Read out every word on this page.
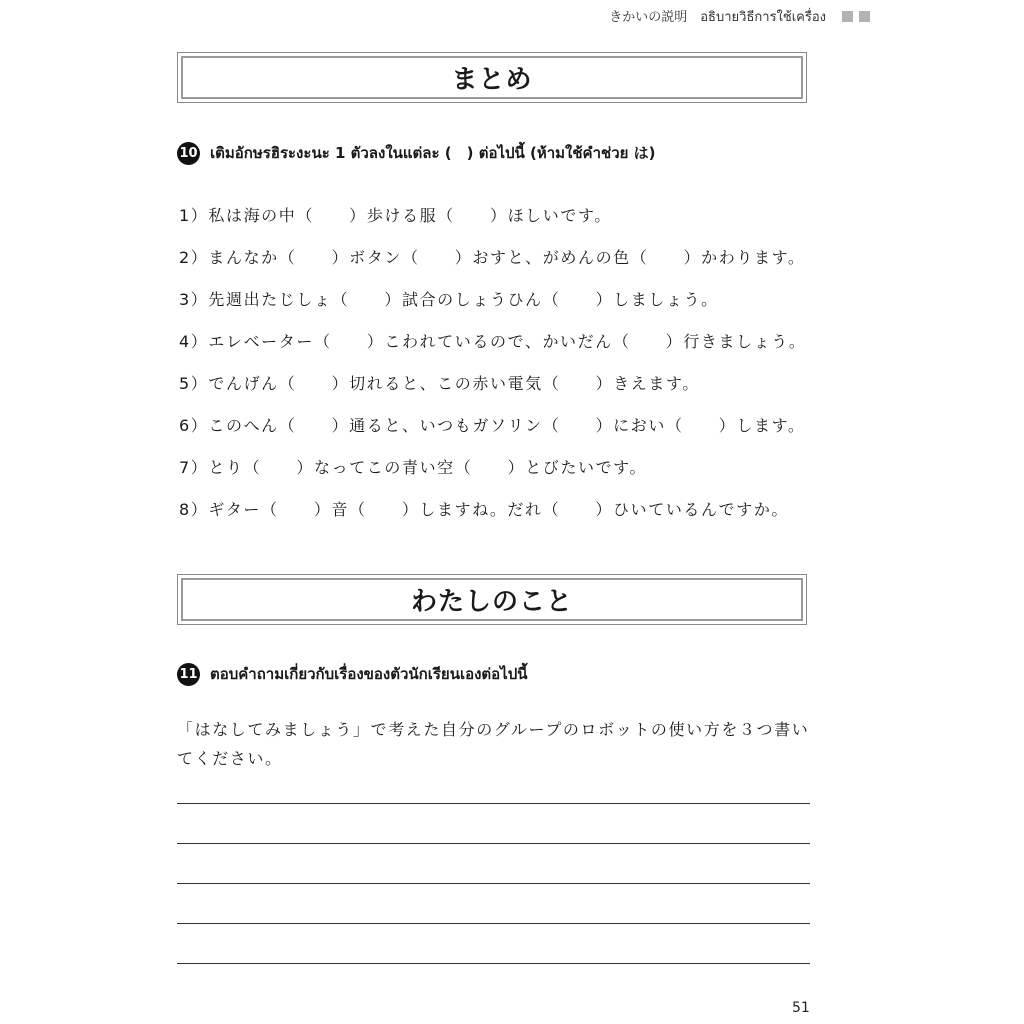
きかいの説明　อธิบายวิธีการใช้เครื่อง
まとめ
10 เติมอักษรฮิระงะนะ 1 ตัวลงในแต่ละ (　) ต่อไปนี้ (ห้ามใช้คำช่วย は)
1）私は海の中（　　）歩ける服（　　）ほしいです。
2）まんなか（　　）ボタン（　　）おすと、がめんの色（　　）かわります。
3）先週出たじしょ（　　）試合のしょうひん（　　）しましょう。
4）エレベーター（　　）こわれているので、かいだん（　　）行きましょう。
5）でんげん（　　）切れると、この赤い電気（　　）きえます。
6）このへん（　　）通ると、いつもガソリン（　　）におい（　　）します。
7）とり（　　）なってこの青い空（　　）とびたいです。
8）ギター（　　）音（　　）しますね。だれ（　　）ひいているんですか。
わたしのこと
11 ตอบคำถามเกี่ยวกับเรื่องของตัวนักเรียนเองต่อไปนี้
「はなしてみましょう」で考えた自分のグループのロボットの使い方を３つ書いてください。
51
